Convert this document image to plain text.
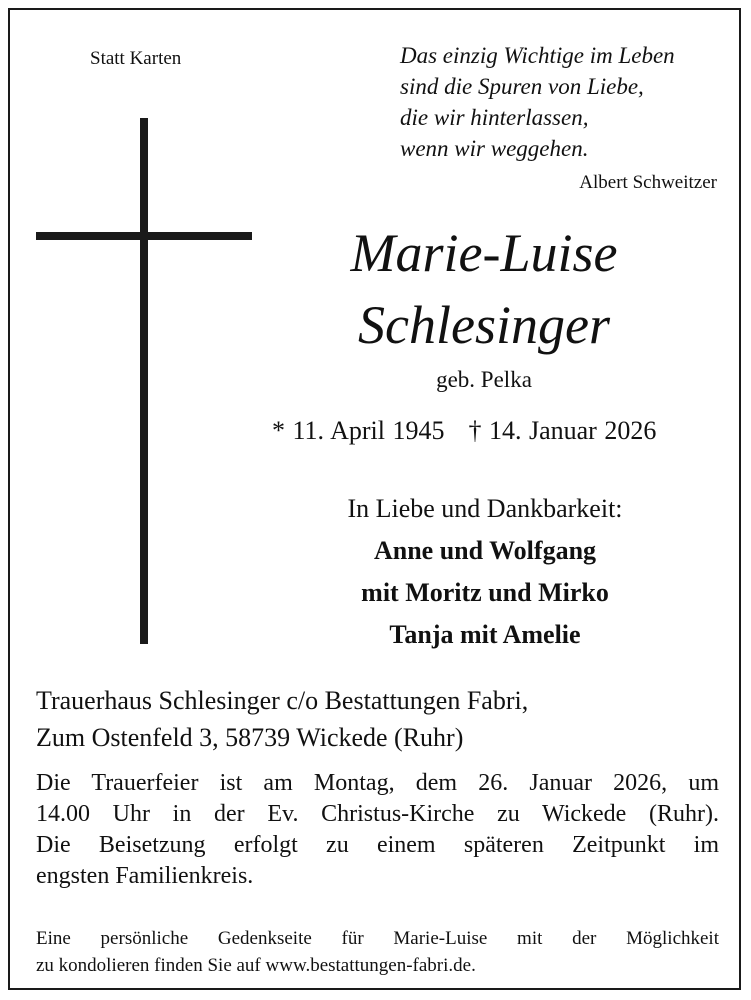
Statt Karten	Das einzig Wichtige im Leben
sind die Spuren von Liebe,
die wir hinterlassen,
wenn wir weggehen.
Albert Schweitzer
Marie-Luise
Schlesinger
geb. Pelka
* 11. April 1945 † 14. Januar 2026
In Liebe und Dankbarkeit:
Anne und Wolfgang
mit Moritz und Mirko
Tanja mit Amelie
Trauerhaus Schlesinger c/o Bestattungen Fabri,
Zum Ostenfeld 3, 58739 Wickede (Ruhr)
Die Trauerfeier ist am Montag, dem 26. Januar 2026, um
14.00 Uhr in der Ev. Christus-Kirche zu Wickede (Ruhr).
Die Beisetzung erfolgt zu einem späteren Zeitpunkt im
engsten Familienkreis.
Eine persönliche Gedenkseite für Marie-Luise mit der Möglichkeit
zu kondolieren finden Sie auf www.bestattungen-fabri.de.
